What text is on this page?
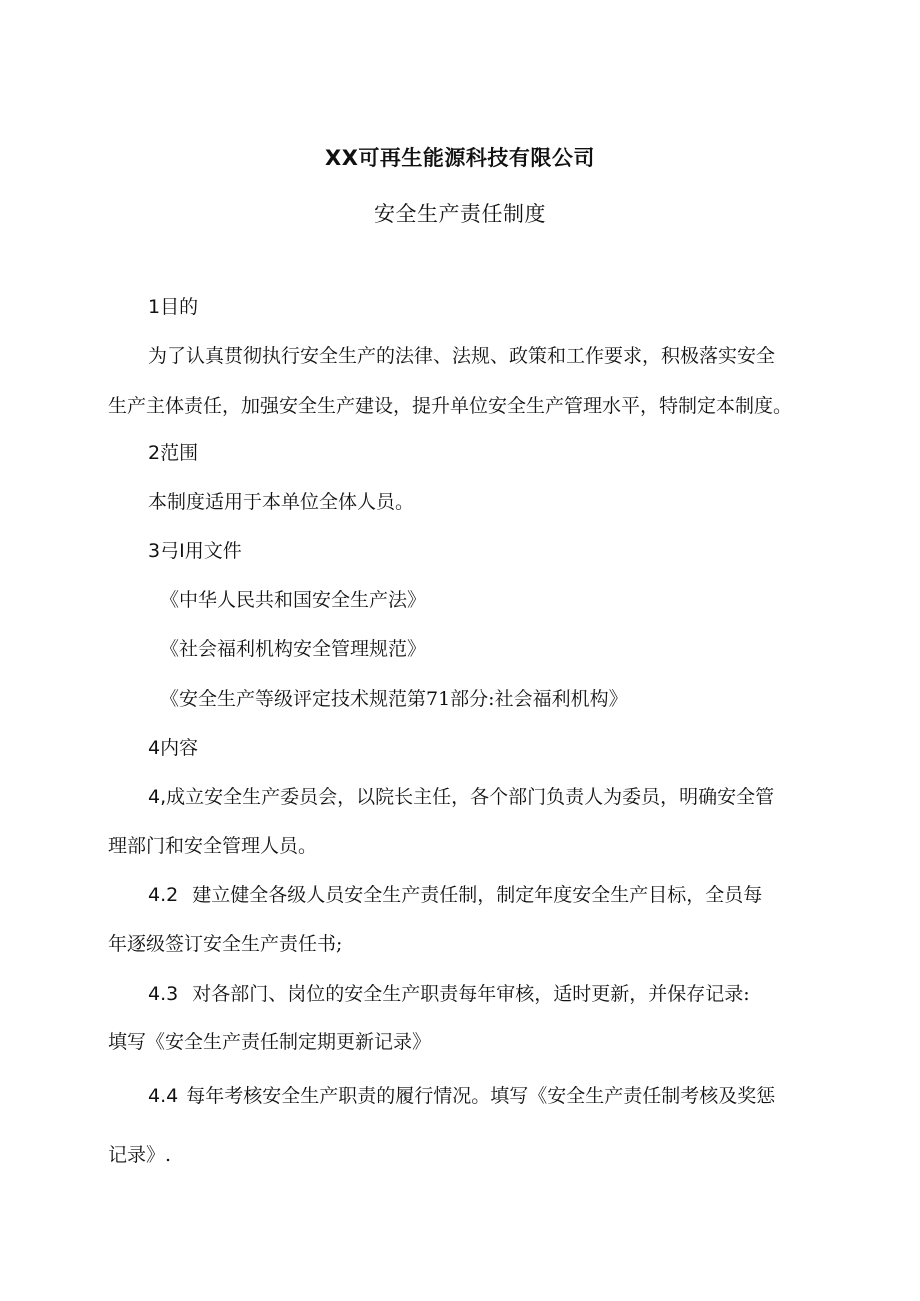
XX可再生能源科技有限公司
安全生产责任制度
1目的
为了认真贯彻执行安全生产的法律、法规、政策和工作要求，积极落实安全
生产主体责任，加强安全生产建设，提升单位安全生产管理水平，特制定本制度。
2范围
本制度适用于本单位全体人员。
3弓I用文件
《中华人民共和国安全生产法》
《社会福利机构安全管理规范》
《安全生产等级评定技术规范第71部分:社会福利机构》
4内容
4,成立安全生产委员会，以院长主任，各个部门负责人为委员，明确安全管
理部门和安全管理人员。
4.2 建立健全各级人员安全生产责任制，制定年度安全生产目标，全员每
年逐级签订安全生产责任书;
4.3 对各部门、岗位的安全生产职责每年审核，适时更新，并保存记录:
填写《安全生产责任制定期更新记录》
4.4 每年考核安全生产职责的履行情况。填写《安全生产责任制考核及奖惩
记录》.
